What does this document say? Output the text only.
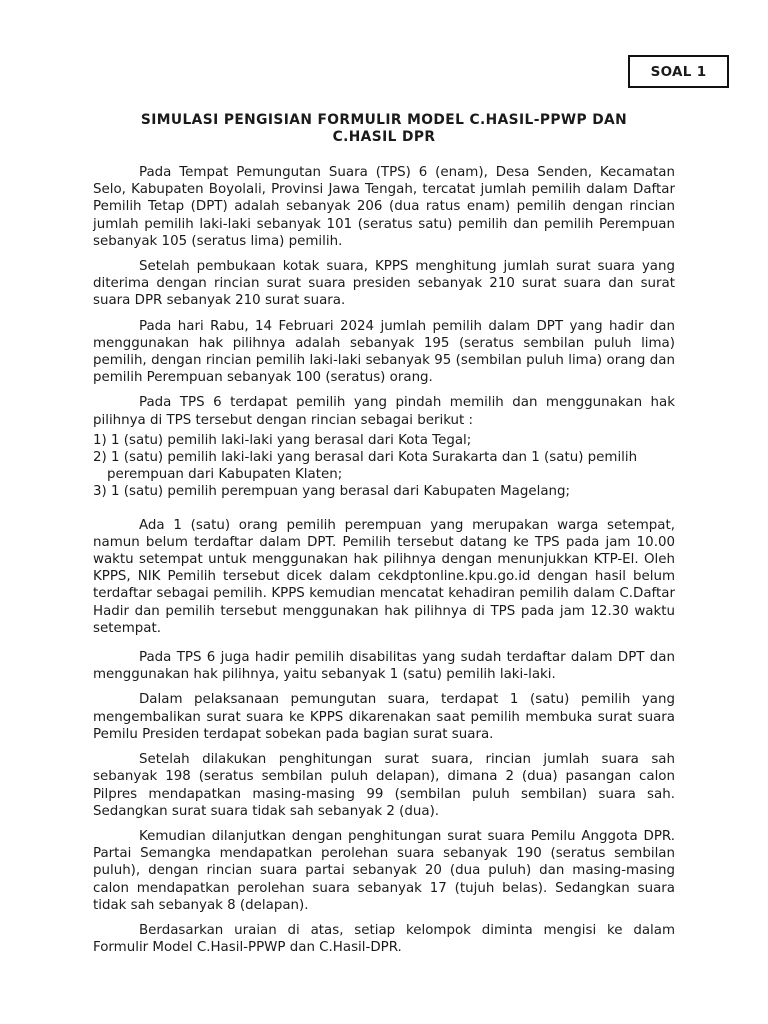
SOAL 1
SIMULASI PENGISIAN FORMULIR MODEL C.HASIL-PPWP DAN
C.HASIL DPR

Pada Tempat Pemungutan Suara (TPS) 6 (enam), Desa Senden, Kecamatan Selo, Kabupaten Boyolali, Provinsi Jawa Tengah, tercatat jumlah pemilih dalam Daftar Pemilih Tetap (DPT) adalah sebanyak 206 (dua ratus enam) pemilih dengan rincian jumlah pemilih laki-laki sebanyak 101 (seratus satu) pemilih dan pemilih Perempuan sebanyak 105 (seratus lima) pemilih.

Setelah pembukaan kotak suara, KPPS menghitung jumlah surat suara yang diterima dengan rincian surat suara presiden sebanyak 210 surat suara dan surat suara DPR sebanyak 210 surat suara.

Pada hari Rabu, 14 Februari 2024 jumlah pemilih dalam DPT yang hadir dan menggunakan hak pilihnya adalah sebanyak 195 (seratus sembilan puluh lima) pemilih, dengan rincian pemilih laki-laki sebanyak 95 (sembilan puluh lima) orang dan pemilih Perempuan sebanyak 100 (seratus) orang.

Pada TPS 6 terdapat pemilih yang pindah memilih dan menggunakan hak pilihnya di TPS tersebut dengan rincian sebagai berikut :

1) 1 (satu) pemilih laki-laki yang berasal dari Kota Tegal;
2) 1 (satu) pemilih laki-laki yang berasal dari Kota Surakarta dan 1 (satu) pemilih perempuan dari Kabupaten Klaten;
3) 1 (satu) pemilih perempuan yang berasal dari Kabupaten Magelang;

Ada 1 (satu) orang pemilih perempuan yang merupakan warga setempat, namun belum terdaftar dalam DPT. Pemilih tersebut datang ke TPS pada jam 10.00 waktu setempat untuk menggunakan hak pilihnya dengan menunjukkan KTP-El. Oleh KPPS, NIK Pemilih tersebut dicek dalam cekdptonline.kpu.go.id dengan hasil belum terdaftar sebagai pemilih. KPPS kemudian mencatat kehadiran pemilih dalam C.Daftar Hadir dan pemilih tersebut menggunakan hak pilihnya di TPS pada jam 12.30 waktu setempat.

Pada TPS 6 juga hadir pemilih disabilitas yang sudah terdaftar dalam DPT dan menggunakan hak pilihnya, yaitu sebanyak 1 (satu) pemilih laki-laki.

Dalam pelaksanaan pemungutan suara, terdapat 1 (satu) pemilih yang mengembalikan surat suara ke KPPS dikarenakan saat pemilih membuka surat suara Pemilu Presiden terdapat sobekan pada bagian surat suara.

Setelah dilakukan penghitungan surat suara, rincian jumlah suara sah sebanyak 198 (seratus sembilan puluh delapan), dimana 2 (dua) pasangan calon Pilpres mendapatkan masing-masing 99 (sembilan puluh sembilan) suara sah. Sedangkan surat suara tidak sah sebanyak 2 (dua).

Kemudian dilanjutkan dengan penghitungan surat suara Pemilu Anggota DPR. Partai Semangka mendapatkan perolehan suara sebanyak 190 (seratus sembilan puluh), dengan rincian suara partai sebanyak 20 (dua puluh) dan masing-masing calon mendapatkan perolehan suara sebanyak 17 (tujuh belas). Sedangkan suara tidak sah sebanyak 8 (delapan).

Berdasarkan uraian di atas, setiap kelompok diminta mengisi ke dalam Formulir Model C.Hasil-PPWP dan C.Hasil-DPR.
